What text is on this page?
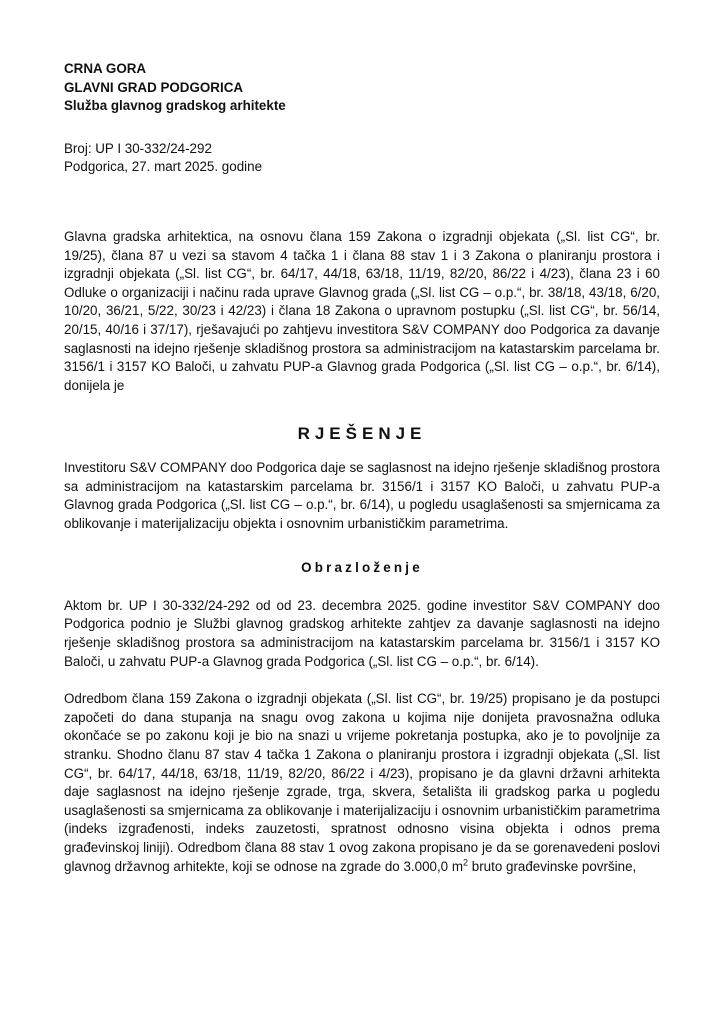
CRNA GORA
GLAVNI GRAD PODGORICA
Služba glavnog gradskog arhitekte
Broj: UP I 30-332/24-292
Podgorica, 27. mart 2025. godine

Glavna gradska arhitektica, na osnovu člana 159 Zakona o izgradnji objekata („Sl. list CG“, br. 19/25), člana 87 u vezi sa stavom 4 tačka 1 i člana 88 stav 1 i 3 Zakona o planiranju prostora i izgradnji objekata („Sl. list CG“, br. 64/17, 44/18, 63/18, 11/19, 82/20, 86/22 i 4/23), člana 23 i 60 Odluke o organizaciji i načinu rada uprave Glavnog grada („Sl. list CG – o.p.“, br. 38/18, 43/18, 6/20, 10/20, 36/21, 5/22, 30/23 i 42/23) i člana 18 Zakona o upravnom postupku („Sl. list CG“, br. 56/14, 20/15, 40/16 i 37/17), rješavajući po zahtjevu investitora S&V COMPANY doo Podgorica za davanje saglasnosti na idejno rješenje skladišnog prostora sa administracijom na katastarskim parcelama br. 3156/1 i 3157 KO Baloči, u zahvatu PUP-a Glavnog grada Podgorica („Sl. list CG – o.p.“, br. 6/14), donijela je

RJEŠENJE

Investitoru S&V COMPANY doo Podgorica daje se saglasnost na idejno rješenje skladišnog prostora sa administracijom na katastarskim parcelama br. 3156/1 i 3157 KO Baloči, u zahvatu PUP-a Glavnog grada Podgorica („Sl. list CG – o.p.“, br. 6/14), u pogledu usaglašenosti sa smjernicama za oblikovanje i materijalizaciju objekta i osnovnim urbanističkim parametrima.

Obrazloženje

Aktom br. UP I 30-332/24-292 od od 23. decembra 2025. godine investitor S&V COMPANY doo Podgorica podnio je Službi glavnog gradskog arhitekte zahtjev za davanje saglasnosti na idejno rješenje skladišnog prostora sa administracijom na katastarskim parcelama br. 3156/1 i 3157 KO Baloči, u zahvatu PUP-a Glavnog grada Podgorica („Sl. list CG – o.p.“, br. 6/14).

Odredbom člana 159 Zakona o izgradnji objekata („Sl. list CG“, br. 19/25) propisano je da postupci započeti do dana stupanja na snagu ovog zakona u kojima nije donijeta pravosnažna odluka okončaće se po zakonu koji je bio na snazi u vrijeme pokretanja postupka, ako je to povoljnije za stranku. Shodno članu 87 stav 4 tačka 1 Zakona o planiranju prostora i izgradnji objekata („Sl. list CG“, br. 64/17, 44/18, 63/18, 11/19, 82/20, 86/22 i 4/23), propisano je da glavni državni arhitekta daje saglasnost na idejno rješenje zgrade, trga, skvera, šetališta ili gradskog parka u pogledu usaglašenosti sa smjernicama za oblikovanje i materijalizaciju i osnovnim urbanističkim parametrima (indeks izgrađenosti, indeks zauzetosti, spratnost odnosno visina objekta i odnos prema građevinskoj liniji). Odredbom člana 88 stav 1 ovog zakona propisano je da se gorenavedeni poslovi glavnog državnog arhitekte, koji se odnose na zgrade do 3.000,0 $m^2$ bruto građevinske površine,
